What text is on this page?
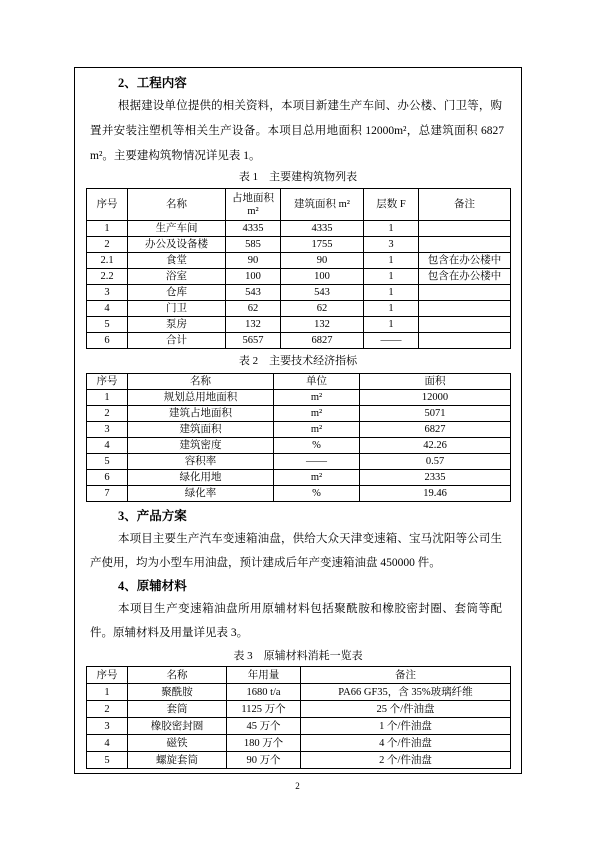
2、工程内容
根据建设单位提供的相关资料，本项目新建生产车间、办公楼、门卫等，购
置并安装注塑机等相关生产设备。本项目总用地面积 12000m²，总建筑面积 6827
m²。主要建构筑物情况详见表 1。
表 1　主要建构筑物列表
序号	名称	占地面积 m²	建筑面积 m²	层数 F	备注
1	生产车间	4335	4335	1	
2	办公及设备楼	585	1755	3	
2.1	食堂	90	90	1	包含在办公楼中
2.2	浴室	100	100	1	包含在办公楼中
3	仓库	543	543	1	
4	门卫	62	62	1	
5	泵房	132	132	1	
6	合计	5657	6827	——	
表 2　主要技术经济指标
序号	名称	单位	面积
1	规划总用地面积	m²	12000
2	建筑占地面积	m²	5071
3	建筑面积	m²	6827
4	建筑密度	%	42.26
5	容积率	——	0.57
6	绿化用地	m²	2335
7	绿化率	%	19.46
3、产品方案
本项目主要生产汽车变速箱油盘，供给大众天津变速箱、宝马沈阳等公司生
产使用，均为小型车用油盘，预计建成后年产变速箱油盘 450000 件。
4、原辅材料
本项目生产变速箱油盘所用原辅材料包括聚酰胺和橡胶密封圈、套筒等配
件。原辅材料及用量详见表 3。
表 3　原辅材料消耗一览表
序号	名称	年用量	备注
1	聚酰胺	1680 t/a	PA66 GF35，含 35%玻璃纤维
2	套筒	1125 万个	25 个/件油盘
3	橡胶密封圈	45 万个	1 个/件油盘
4	磁铁	180 万个	4 个/件油盘
5	螺旋套筒	90 万个	2 个/件油盘
2
